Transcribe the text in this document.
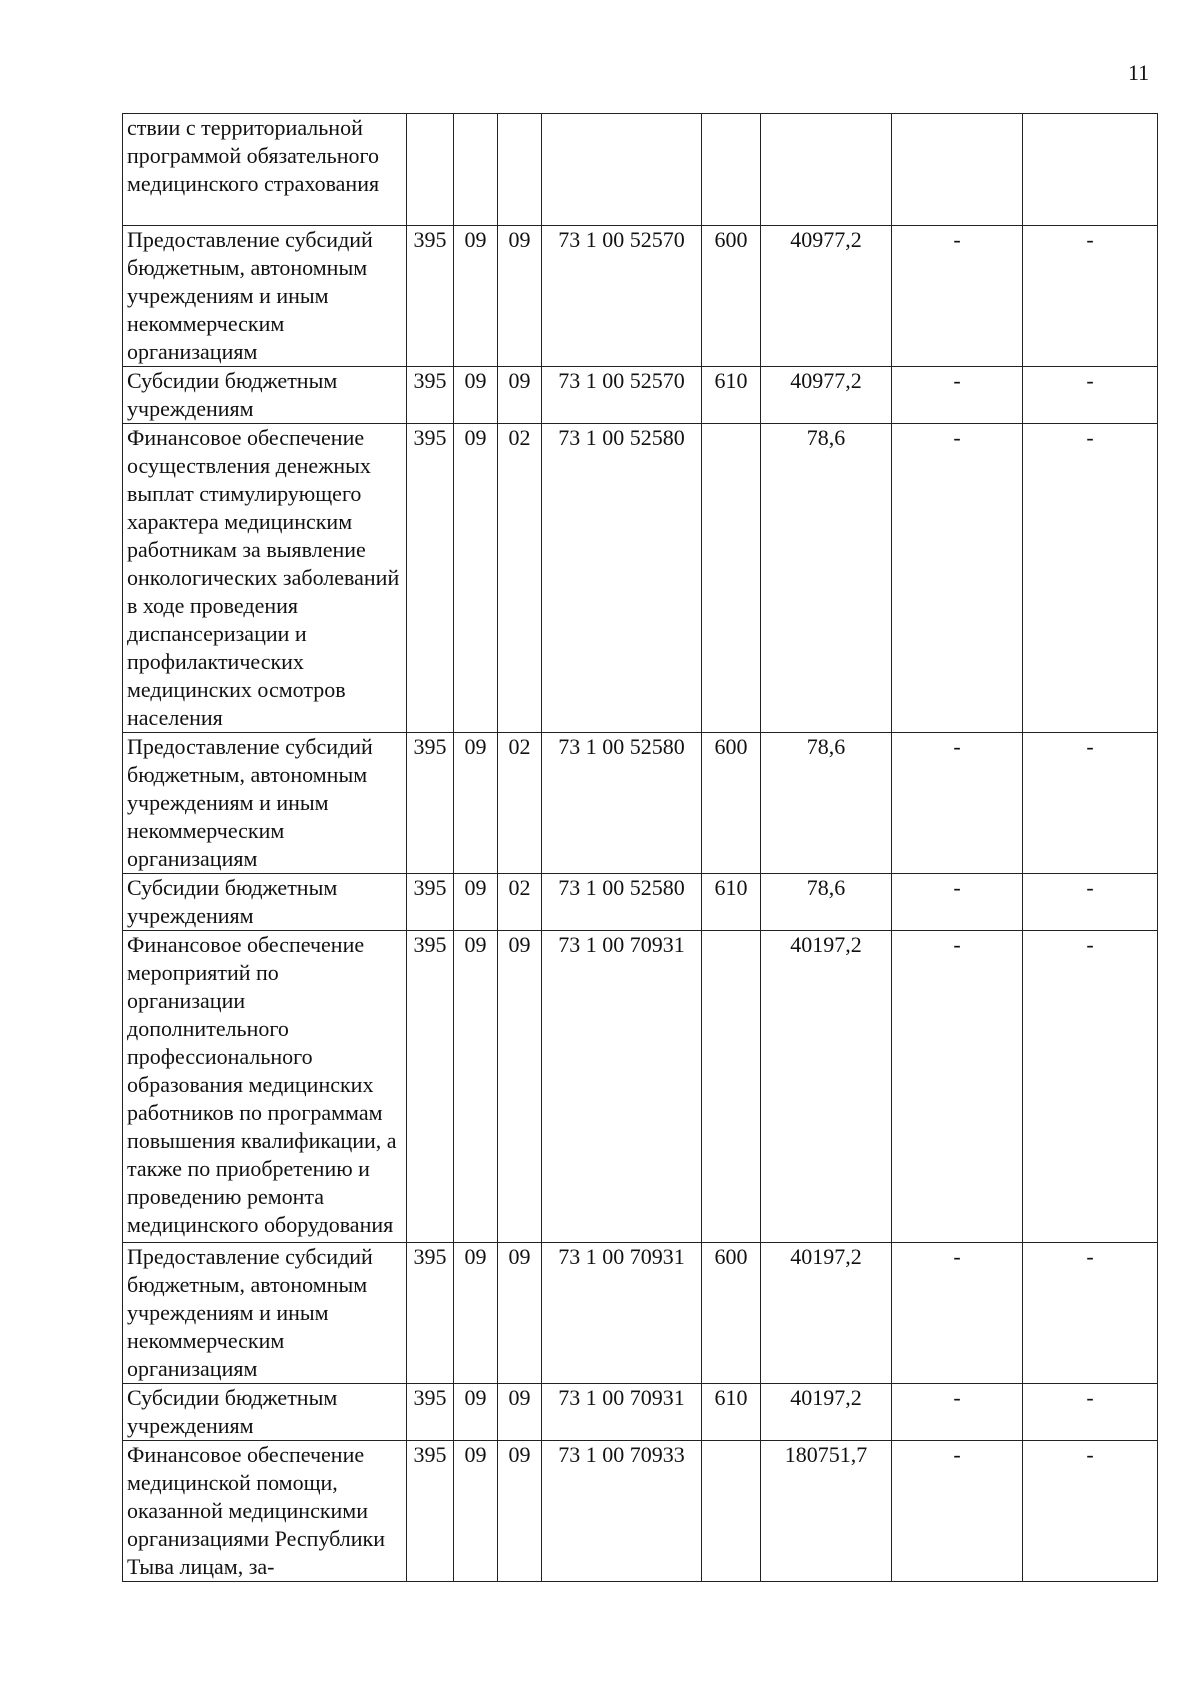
11
ствии с территориальной программой обязательного медицинского страхования								
Предоставление субсидий бюджетным, автономным учреждениям и иным некоммерческим организациям	395	09	09	73 1 00 52570	600	40977,2	-	-
Субсидии бюджетным учреждениям	395	09	09	73 1 00 52570	610	40977,2	-	-
Финансовое обеспечение осуществления денежных выплат стимулирующего характера медицинским работникам за выявление онкологических заболеваний в ходе проведения диспансеризации и профилактических медицинских осмотров населения	395	09	02	73 1 00 52580		78,6	-	-
Предоставление субсидий бюджетным, автономным учреждениям и иным некоммерческим организациям	395	09	02	73 1 00 52580	600	78,6	-	-
Субсидии бюджетным учреждениям	395	09	02	73 1 00 52580	610	78,6	-	-
Финансовое обеспечение мероприятий по организации дополнительного профессионального образования медицинских работников по программам повышения квалификации, а также по приобретению и проведению ремонта медицинского оборудования	395	09	09	73 1 00 70931		40197,2	-	-
Предоставление субсидий бюджетным, автономным учреждениям и иным некоммерческим организациям	395	09	09	73 1 00 70931	600	40197,2	-	-
Субсидии бюджетным учреждениям	395	09	09	73 1 00 70931	610	40197,2	-	-
Финансовое обеспечение медицинской помощи, оказанной медицинскими организациями Республики Тыва лицам, за-	395	09	09	73 1 00 70933		180751,7	-	-
